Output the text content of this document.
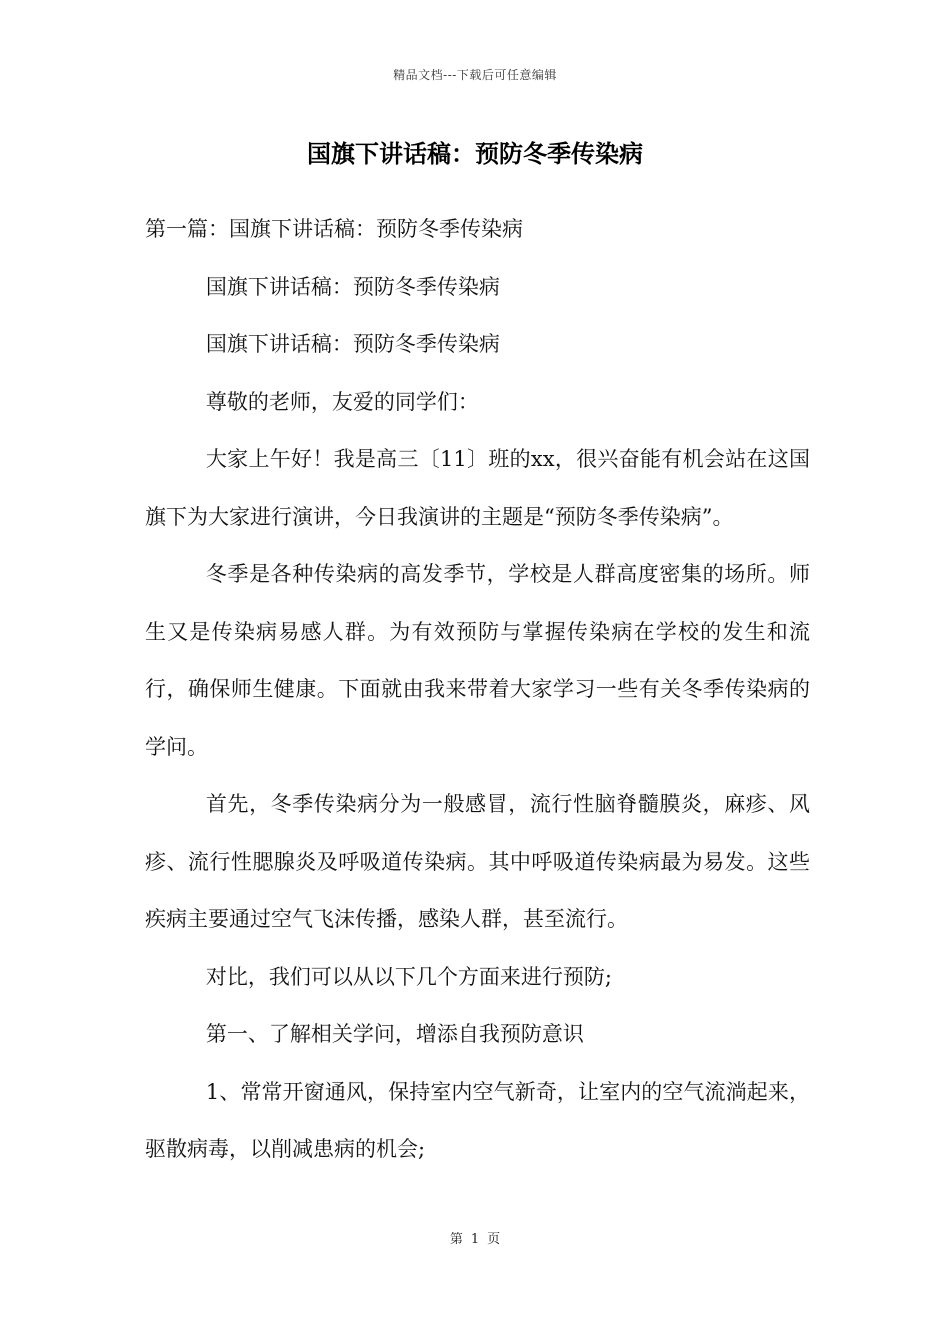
精品文档---下载后可任意编辑
国旗下讲话稿：预防冬季传染病

第一篇：国旗下讲话稿：预防冬季传染病

国旗下讲话稿：预防冬季传染病

国旗下讲话稿：预防冬季传染病

尊敬的老师，友爱的同学们：

大家上午好！我是高三〔11〕班的xx，很兴奋能有机会站在这国旗下为大家进行演讲，今日我演讲的主题是“预防冬季传染病”。

冬季是各种传染病的高发季节，学校是人群高度密集的场所。师生又是传染病易感人群。为有效预防与掌握传染病在学校的发生和流行，确保师生健康。下面就由我来带着大家学习一些有关冬季传染病的学问。

首先，冬季传染病分为一般感冒，流行性脑脊髓膜炎，麻疹、风疹、流行性腮腺炎及呼吸道传染病。其中呼吸道传染病最为易发。这些疾病主要通过空气飞沫传播，感染人群，甚至流行。

对比，我们可以从以下几个方面来进行预防;

第一、了解相关学问，增添自我预防意识

1、常常开窗通风，保持室内空气新奇，让室内的空气流淌起来，驱散病毒，以削减患病的机会;

第 1 页
